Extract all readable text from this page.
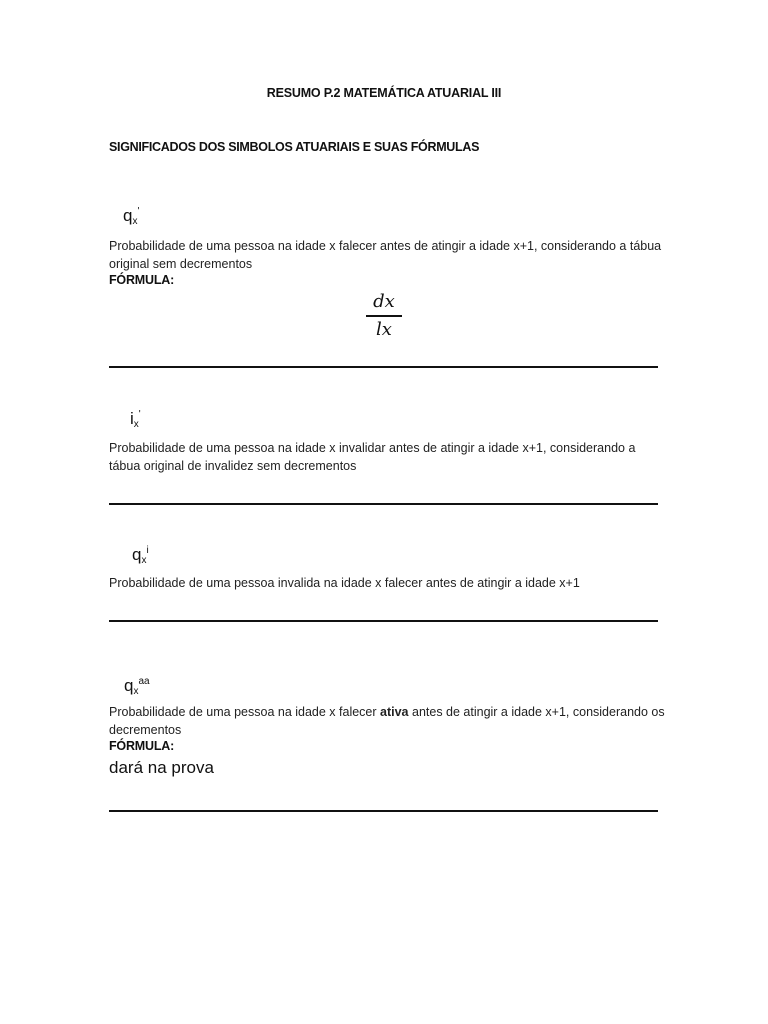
RESUMO P.2 MATEMÁTICA ATUARIAL III
SIGNIFICADOS DOS SIMBOLOS ATUARIAIS E SUAS FÓRMULAS
$q_x'$
Probabilidade de uma pessoa na idade x falecer antes de atingir a idade x+1, considerando a tábua original sem decrementos
FÓRMULA:
dx
lx
$i_x'$
Probabilidade de uma pessoa na idade x invalidar antes de atingir a idade x+1, considerando a tábua original de invalidez sem decrementos
$q_x^i$
Probabilidade de uma pessoa invalida na idade x falecer antes de atingir a idade x+1
$q_x^{aa}$
Probabilidade de uma pessoa na idade x falecer ativa antes de atingir a idade x+1, considerando os decrementos
FÓRMULA:
dará na prova
